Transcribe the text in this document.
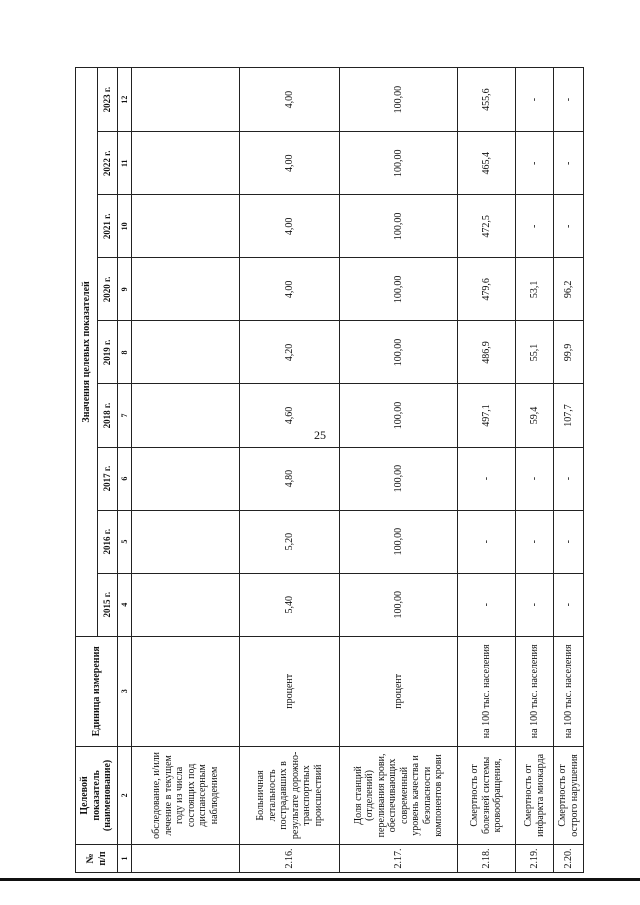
25
№ п/п	Целевой показатель (наименование)	Единица измерения	Значения целевых показателей								
			2015 г.	2016 г.	2017 г.	2018 г.	2019 г.	2020 г.	2021 г.	2022 г.	2023 г.
1	2	3	4	5	6	7	8	9	10	11	12
	обследование, и/или лечение в текущем году из числа состоящих под диспансерным наблюдением										
2.16.	Больничная летальность пострадавших в результате дорожно-транспортных происшествий	процент	5,40	5,20	4,80	4,60	4,20	4,00	4,00	4,00	4,00
2.17.	Доля станций (отделений) переливания крови, обеспечивающих современный уровень качества и безопасности компонентов крови	процент	100,00	100,00	100,00	100,00	100,00	100,00	100,00	100,00	100,00
2.18.	Смертность от болезней системы кровообращения,	на 100 тыс. населения	-	-	-	497,1	486,9	479,6	472,5	465,4	455,6
2.19.	Смертность от инфаркта миокарда	на 100 тыс. населения	-	-	-	59,4	55,1	53,1	-	-	-
2.20.	Смертность от острого нарушения	на 100 тыс. населения	-	-	-	107,7	99,9	96,2	-	-	-
